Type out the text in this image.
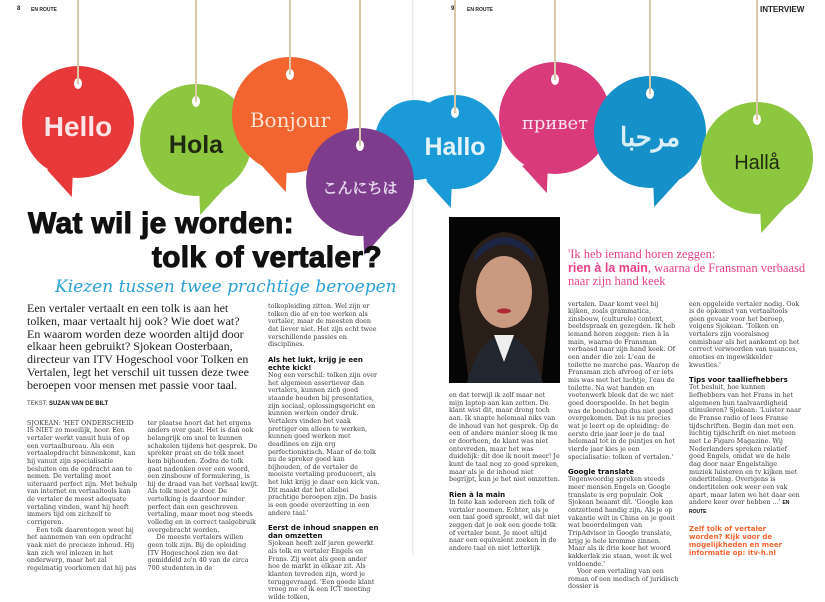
8 EN ROUTE	9	EN ROUTE	INTERVIEW
Hello
Hola
Bonjour
こんにちは
Hallo
привет مرحبا
Hallå
Wat wil je worden:
tolk of vertaler?
Kiezen tussen twee prachtige beroepen
Een vertaler vertaalt en een tolk is aan het tolken, maar vertaalt hij ook? Wie doet wat? En waarom worden deze woorden altijd door elkaar heen gebruikt? Sjokean Oosterbaan, directeur van ITV Hogeschool voor Tolken en Vertalen, legt het verschil uit tussen deze twee beroepen voor mensen met passie voor taal.
TEKST: SUZAN VAN DE BILT

SJOKEAN: 'HET ONDERSCHEID IS NIET zo moeilijk, hoor. Een vertaler werkt vanuit huis of op een vertaalbureau. Als een vertaalopdracht binnenkomt, kan hij vanuit zijn specialisatie besluiten om de opdracht aan te nemen. De vertaling moet uiteraard perfect zijn. Met behulp van internet en vertaaltools kan de vertaler de meest adequate vertaling vinden, want hij heeft immers tijd om zichzelf te corrigeren.

Een tolk daarentegen weet bij het aannemen van een opdracht vaak niet de precieze inhoud. Hij kan zich wel inlezen in het onderwerp, maar het zal regelmatig voorkomen dat hij pas

ter plaatse hoort dat het ergens anders over gaat. Het is dan ook belangrijk om snel te kunnen schakelen tijdens het gesprek. De spreker praat en de tolk moet hem bijhouden. Zodra de tolk gaat nadenken over een woord, een zinsbouw of formulering, is hij de draad van het verhaal kwijt. Als tolk moet je door. De vertolking is daardoor minder perfect dan een geschreven vertaling, maar moet nog steeds volledig en in correct taalgebruik overgebracht worden.

De meeste vertalers willen geen tolk zijn. Bij de opleiding ITV Hogeschool zien we dat gemiddeld zo'n 40 van de circa 700 studenten in de

tolkopleiding zitten. Wel zijn er tolken die af en toe werken als vertaler, maar de meesten doen dat liever niet. Het zijn echt twee verschillende passies en disciplines.

Als het lukt, krijg je een echte kick!

Nog een verschil: tolken zijn over het algemeen assertiever dan vertalers, kunnen zich goed staande houden bij presentaties, zijn sociaal, oplossingsgericht en kunnen werken onder druk. Vertalers vinden het vaak prettiger om alleen te werken, kunnen goed werken met deadlines en zijn erg perfectionistisch. Maar of de tolk nu de spreker goed kan bijhouden, of de vertaler de mooiste vertaling produceert, als het lukt krijg je daar een kick van. Dit maakt dat het allebei prachtige beroepen zijn. De basis is een goede overzetting in een andere taal.'

Eerst de inhoud snappen en dan omzetten

Sjokean heeft zelf jaren gewerkt als tolk en vertaler Engels en Frans. Zij weet als geen ander hoe de markt in elkaar zit. Als klanten tevreden zijn, word je teruggevraagd. 'Een goede klant vroeg me of ik een ICT meeting wilde tolken,

en dat terwijl ik zelf maar net mijn laptop aan kan zetten. De klant wist dit, maar drong toch aan. Ik snapte helemaal niks van de inhoud van het gesprek. Op de een of andere manier sloeg ik me er doorheen, de klant was niet ontevreden, maar het was duidelijk: dit doe ik nooit meer! Je kunt de taal nog zo goed spreken, maar als je de inhoud niet begrijpt, kun je het niet omzetten.

Rien à la main

In feite kan iedereen zich tolk of vertaler noemen. Echter, als je een taal goed spreekt, wil dat niet zeggen dat je ook een goede tolk of vertaler bent. Je moet altijd naar een equivalent zoeken in de andere taal en niet letterlijk

'Ik heb iemand horen zeggen:
rien à la main, waarna de Fransman verbaasd naar zijn hand keek

vertalen. Daar komt veel bij kijken, zoals grammatica, zinsbouw, (culturele) context, beeldspraak en gezegden. Ik heb iemand horen zeggen: rien à la main, waarna de Fransman verbaasd naar zijn hand keek. Of een ander die zei: L'eau de toilette ne marche pas. Waarop de Fransman zich afvroeg of er iets mis was met het luchtje, l'eau de toilette. Na wat handen en voetenwerk bleek dat de wc niet goed doorspoelde. In het begin was de boodschap dus niet goed overgekomen. Dat is nu precies wat je leert op de opleiding: de eerste drie jaar leer je de taal helemaal tot in de puntjes en het vierde jaar kies je een specialisatie: tolken of vertalen.'

Google translate

Tegenwoordig spreken steeds meer mensen Engels en Google translate is erg populair. Ook Sjokean beaamt dit. 'Google kan ontzettend handig zijn. Als je op vakantie wilt in China en je gooit wat beoordelingen van TripAdvisor in Google translate, krijg je hele kromme zinnen. Maar als ik drie keer het woord kakkerlak zie staan, weet ik wel voldoende.'

Voor een vertaling van een roman of een medisch of juridisch dossier is

een opgeleide vertaler nodig. Ook is de opkomst van vertaaltools geen gevaar voor het beroep, volgens Sjokean. 'Tolken en vertalers zijn vooralsnog onmisbaar als het aankomt op het correct verwoorden van nuances, emoties en ingewikkelder kwesties.'

Tips voor taalliefhebbers

Tot besluit, hoe kunnen liefhebbers van het Frans in het algemeen hun taalvaardigheid stimuleren? Sjokean: 'Luister naar de Franse radio of lees Franse tijdschriften. Begin dan met een luchtig tijdschrift en niet meteen met Le Figaro Magazine. Wij Nederlanders spreken relatief goed Engels, omdat we de hele dag door naar Engelstalige muziek luisteren en tv kijken met ondertiteling. Overigens is ondertitelen ook weer een vak apart, maar laten we het daar een andere keer over hebben ...' EN ROUTE

Zelf tolk of vertaler worden? Kijk voor de mogelijkheden en meer informatie op: itv-h.nl
